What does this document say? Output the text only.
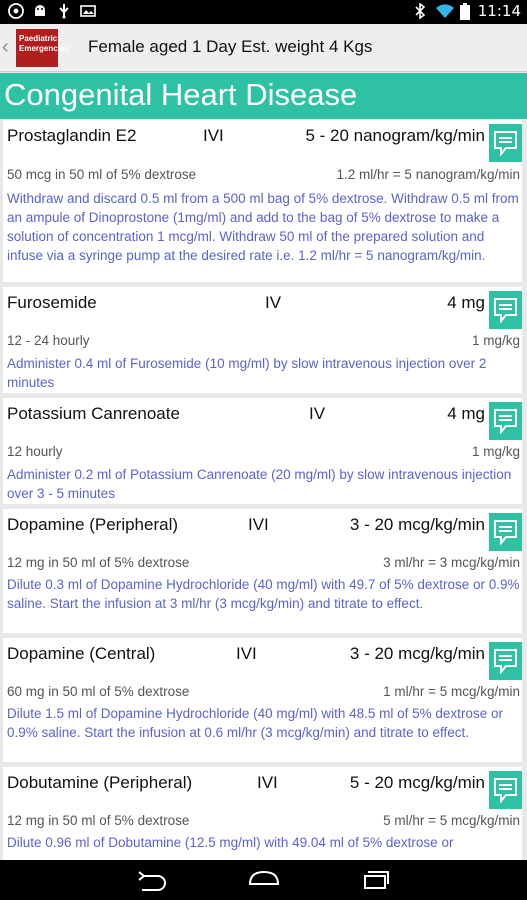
11:14
‹	Paediatric Emergencies Female aged 1 Day Est. weight 4 Kgs
Congenital Heart Disease
Prostaglandin E2	IVI	5 - 20 nanogram/kg/min
50 mcg in 50 ml of 5% dextrose	1.2 ml/hr = 5 nanogram/kg/min
Withdraw and discard 0.5 ml from a 500 ml bag of 5% dextrose. Withdraw 0.5 ml from an ampule of Dinoprostone (1mg/ml) and add to the bag of 5% dextrose to make a solution of concentration 1 mcg/ml. Withdraw 50 ml of the prepared solution and infuse via a syringe pump at the desired rate i.e. 1.2 ml/hr = 5 nanogram/kg/min.
Furosemide	IV	4 mg
12 - 24 hourly	1 mg/kg
Administer 0.4 ml of Furosemide (10 mg/ml) by slow intravenous injection over 2 minutes
Potassium Canrenoate	IV	4 mg
12 hourly	1 mg/kg
Administer 0.2 ml of Potassium Canrenoate (20 mg/ml) by slow intravenous injection over 3 - 5 minutes
Dopamine (Peripheral)	IVI	3 - 20 mcg/kg/min
12 mg in 50 ml of 5% dextrose	3 ml/hr = 3 mcg/kg/min
Dilute 0.3 ml of Dopamine Hydrochloride (40 mg/ml) with 49.7 of 5% dextrose or 0.9% saline. Start the infusion at 3 ml/hr (3 mcg/kg/min) and titrate to effect.
Dopamine (Central)	IVI	3 - 20 mcg/kg/min
60 mg in 50 ml of 5% dextrose	1 ml/hr = 5 mcg/kg/min
Dilute 1.5 ml of Dopamine Hydrochloride (40 mg/ml) with 48.5 ml of 5% dextrose or 0.9% saline. Start the infusion at 0.6 ml/hr (3 mcg/kg/min) and titrate to effect.
Dobutamine (Peripheral)	IVI	5 - 20 mcg/kg/min
12 mg in 50 ml of 5% dextrose	5 ml/hr = 5 mcg/kg/min
Dilute 0.96 ml of Dobutamine (12.5 mg/ml) with 49.04 ml of 5% dextrose or
